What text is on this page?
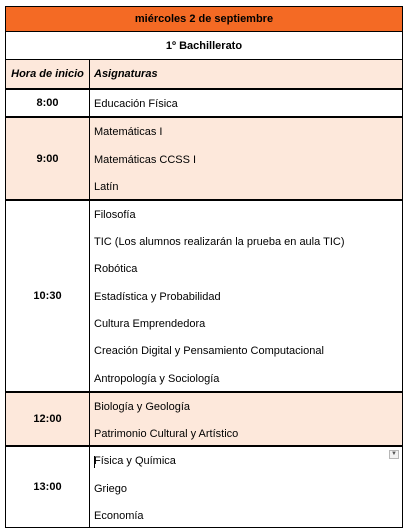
miércoles 2 de septiembre
1º Bachillerato
Hora de inicio Asignaturas
8:00	Educación Física
9:00
Matemáticas I
Matemáticas CCSS I
Latín
10:30
Filosofía
TIC (Los alumnos realizarán la prueba en aula TIC)
Robótica
Estadística y Probabilidad
Cultura Emprendedora
Creación Digital y Pensamiento Computacional
Antropología y Sociología
12:00
Biología y Geología
Patrimonio Cultural y Artístico
13:00
Física y Química
Griego
Economía
▼
